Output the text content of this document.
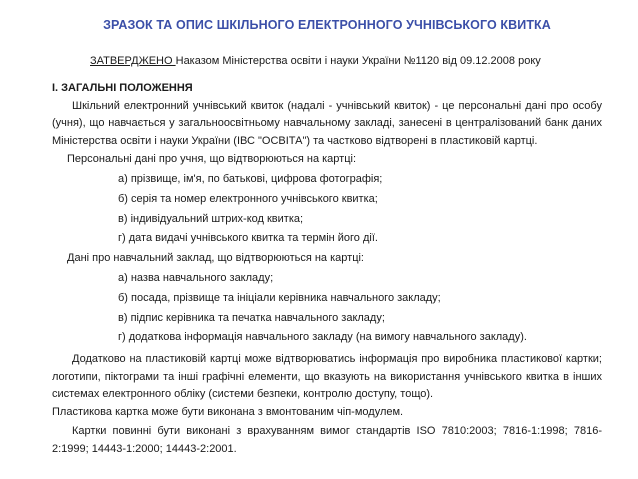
ЗРАЗОК ТА ОПИС ШКІЛЬНОГО ЕЛЕКТРОННОГО УЧНІВСЬКОГО КВИТКА
ЗАТВЕРДЖЕНО Наказом Міністерства освіти і науки України №1120 від 09.12.2008 року
І. ЗАГАЛЬНІ ПОЛОЖЕННЯ

Шкільний електронний учнівський квиток (надалі - учнівський квиток) - це персональні дані про особу (учня), що навчається у загальноосвітньому навчальному закладі, занесені в централізований банк даних Міністерства освіти і науки України (ІВС "ОСВІТА") та частково відтворені в пластиковій картці.

Персональні дані про учня, що відтворюються на картці:
а) прізвище, ім'я, по батькові, цифрова фотографія;
б) серія та номер електронного учнівського квитка;
в) індивідуальний штрих-код квитка;
г) дата видачі учнівського квитка та термін його дії.
Дані про навчальний заклад, що відтворюються на картці:
а) назва навчального закладу;
б) посада, прізвище та ініціали керівника навчального закладу;
в) підпис керівника та печатка навчального закладу;
г) додаткова інформація навчального закладу (на вимогу навчального закладу).

Додатково на пластиковій картці може відтворюватись інформація про виробника пластикової картки; логотипи, піктограми та інші графічні елементи, що вказують на використання учнівського квитка в інших системах електронного обліку (системи безпеки, контролю доступу, тощо).

Пластикова картка може бути виконана з вмонтованим чіп-модулем.

Картки повинні бути виконані з врахуванням вимог стандартів ISO 7810:2003; 7816-1:1998; 7816-2:1999; 14443-1:2000; 14443-2:2001.
